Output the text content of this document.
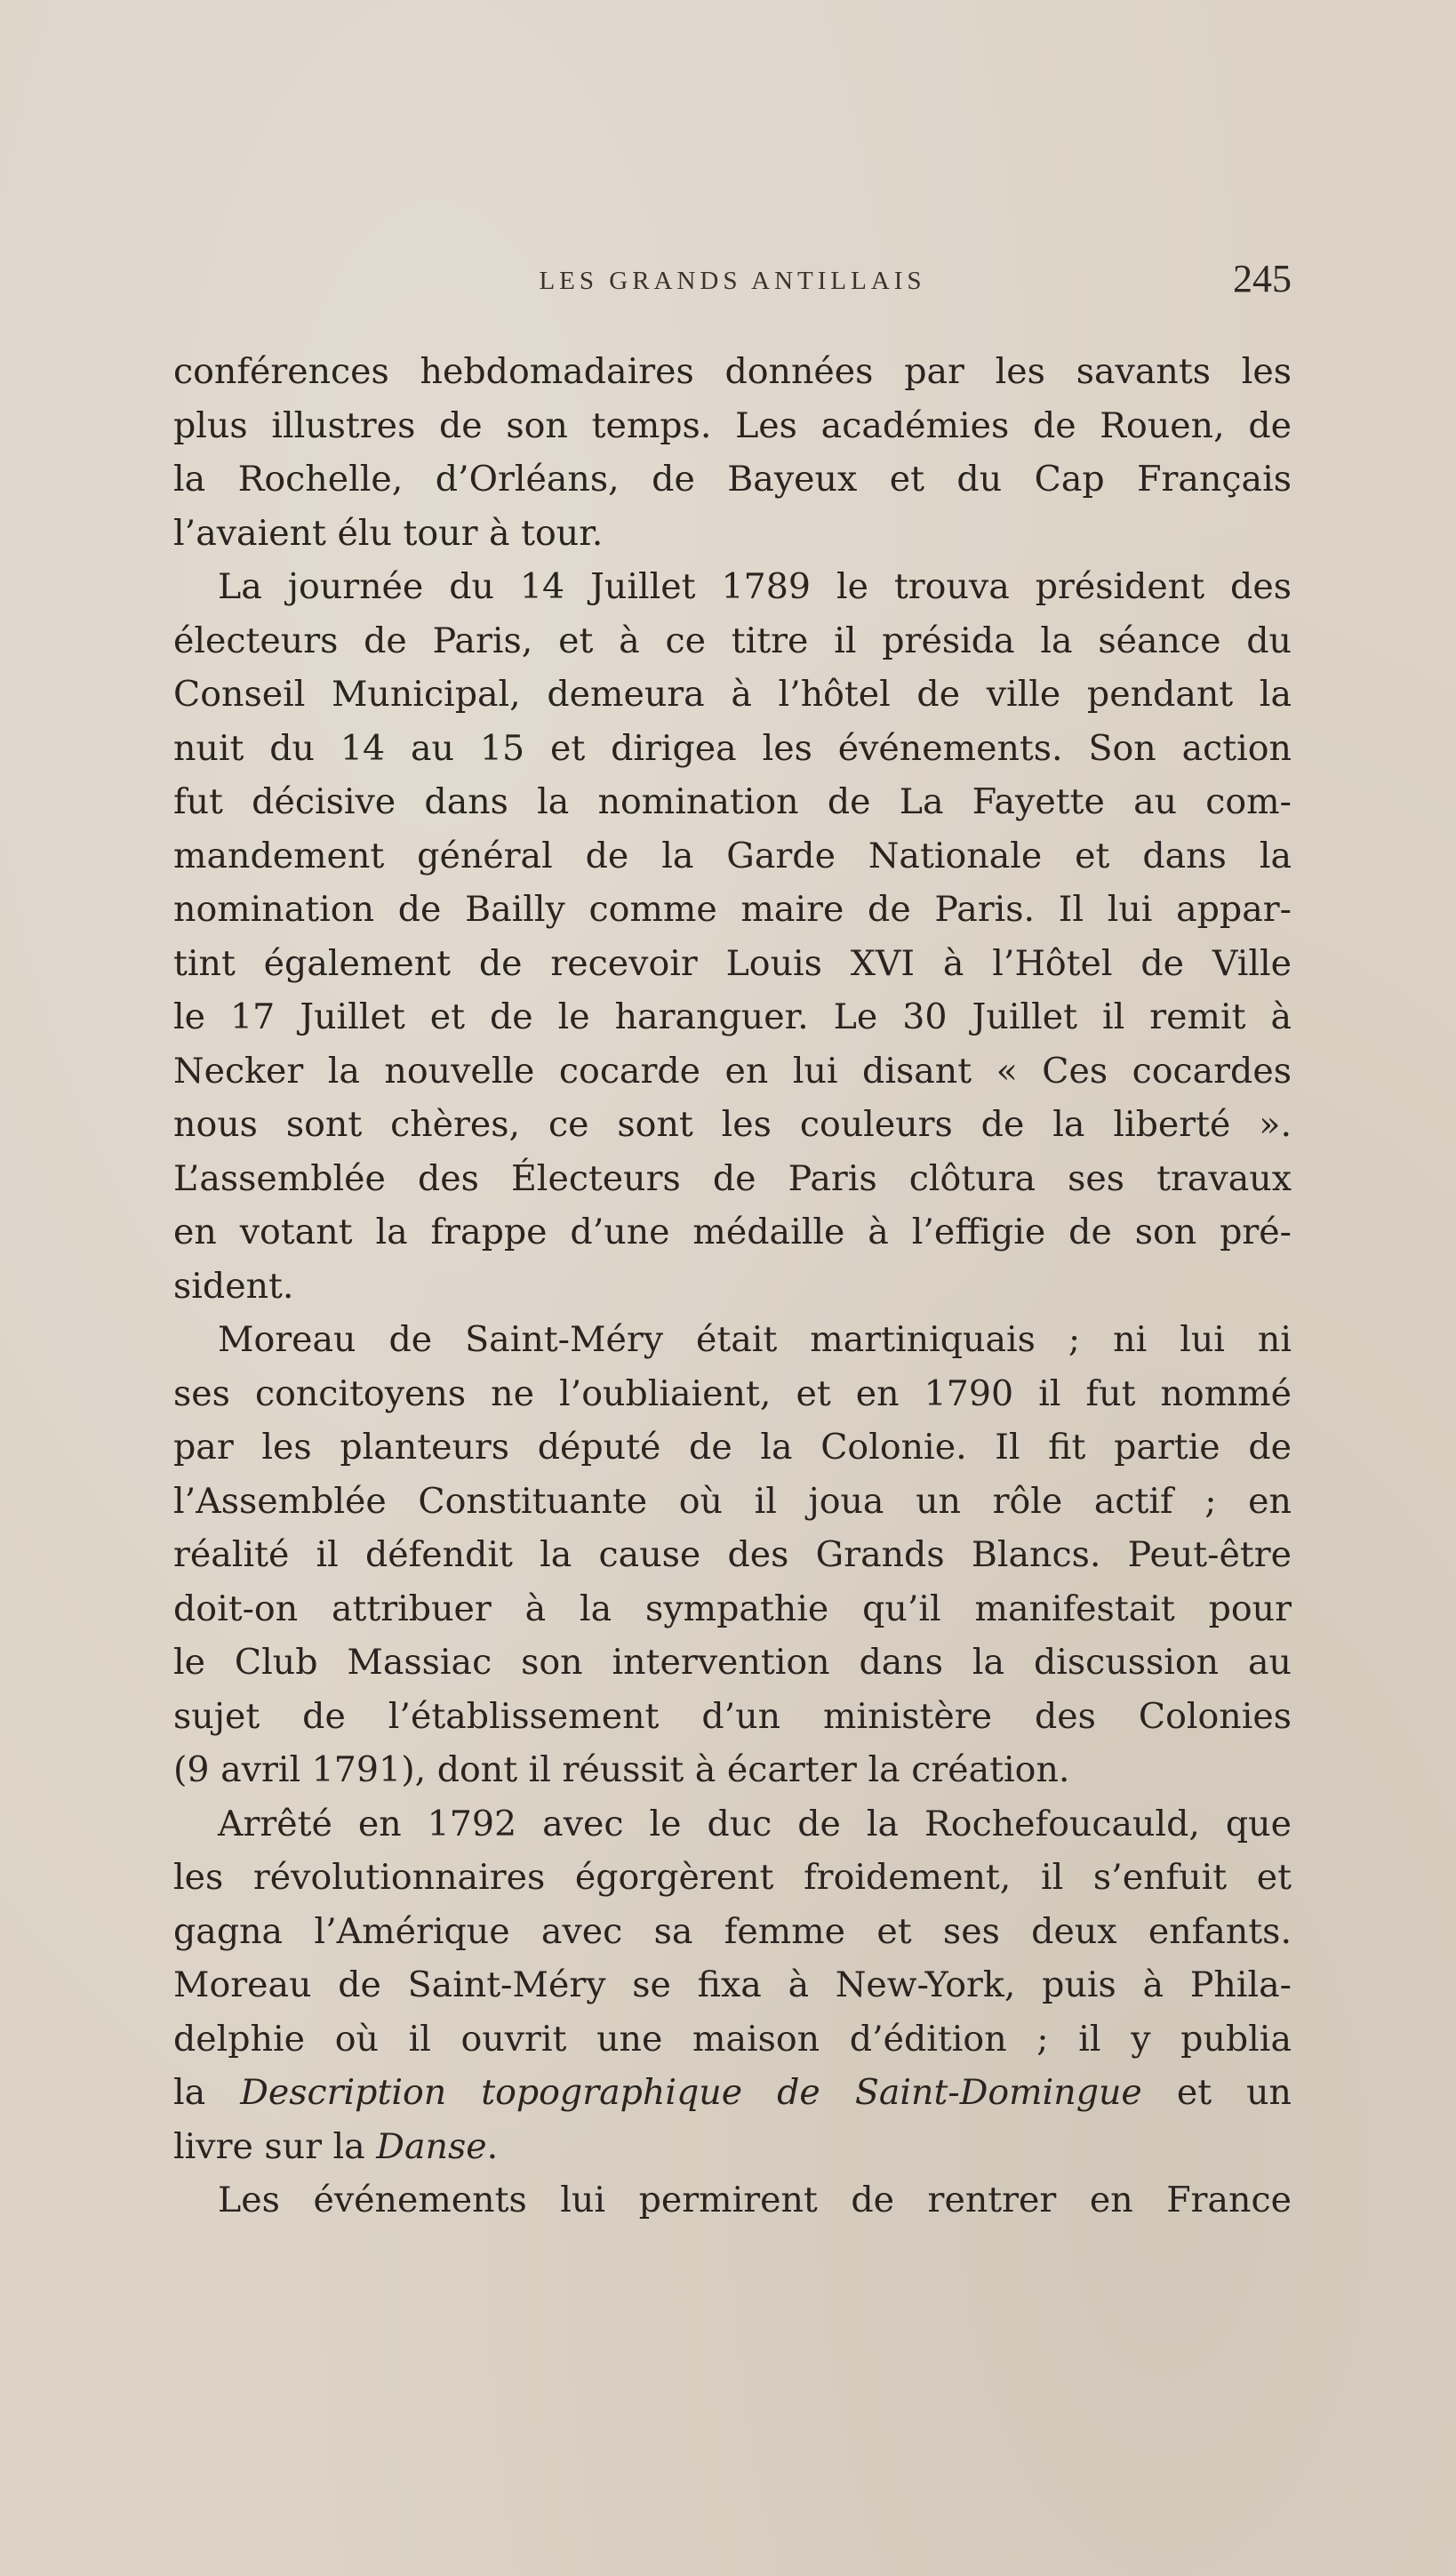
LES GRANDS ANTILLAIS	245
conférences hebdomadaires données par les savants les
plus illustres de son temps. Les académies de Rouen, de
la Rochelle, d’Orléans, de Bayeux et du Cap Français
l’avaient élu tour à tour.
La journée du 14 Juillet 1789 le trouva président des
électeurs de Paris, et à ce titre il présida la séance du
Conseil Municipal, demeura à l’hôtel de ville pendant la
nuit du 14 au 15 et dirigea les événements. Son action
fut décisive dans la nomination de La Fayette au com-
mandement général de la Garde Nationale et dans la
nomination de Bailly comme maire de Paris. Il lui appar-
tint également de recevoir Louis XVI à l’Hôtel de Ville
le 17 Juillet et de le haranguer. Le 30 Juillet il remit à
Necker la nouvelle cocarde en lui disant « Ces cocardes
nous sont chères, ce sont les couleurs de la liberté ».
L’assemblée des Électeurs de Paris clôtura ses travaux
en votant la frappe d’une médaille à l’effigie de son pré-
sident.
Moreau de Saint-Méry était martiniquais ; ni lui ni
ses concitoyens ne l’oubliaient, et en 1790 il fut nommé
par les planteurs député de la Colonie. Il fit partie de
l’Assemblée Constituante où il joua un rôle actif ; en
réalité il défendit la cause des Grands Blancs. Peut-être
doit-on attribuer à la sympathie qu’il manifestait pour
le Club Massiac son intervention dans la discussion au
sujet de l’établissement d’un ministère des Colonies
(9 avril 1791), dont il réussit à écarter la création.
Arrêté en 1792 avec le duc de la Rochefoucauld, que
les révolutionnaires égorgèrent froidement, il s’enfuit et
gagna l’Amérique avec sa femme et ses deux enfants.
Moreau de Saint-Méry se fixa à New-York, puis à Phila-
delphie où il ouvrit une maison d’édition ; il y publia
la Description topographique de Saint-Domingue et un
livre sur la Danse.
Les événements lui permirent de rentrer en France
